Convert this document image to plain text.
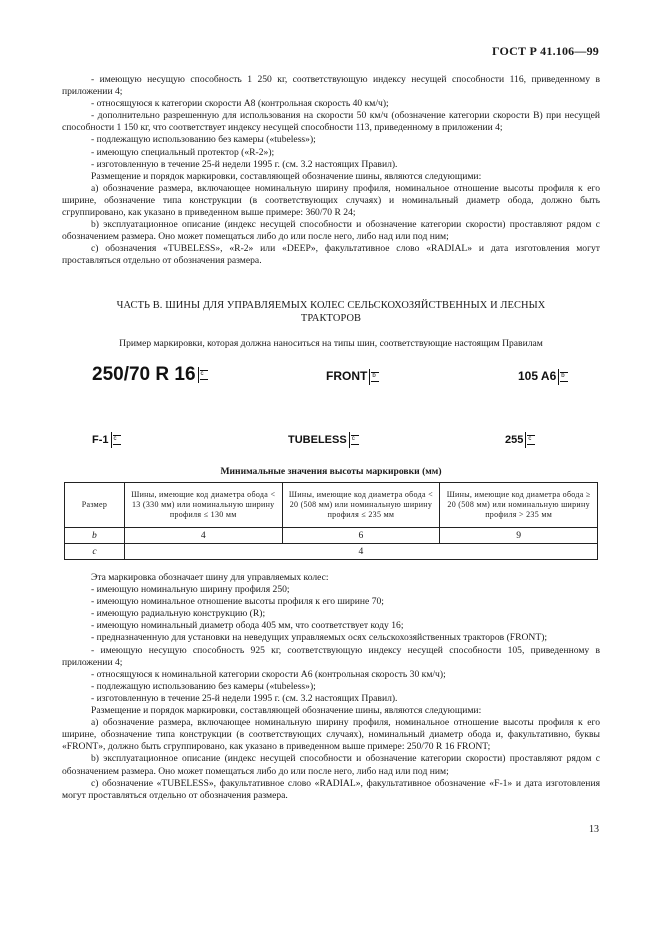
ГОСТ Р 41.106—99

- имеющую несущую способность 1 250 кг, соответствующую индексу несущей способности 116, приведенному в приложении 4;

- относящуюся к категории скорости А8 (контрольная скорость 40 км/ч);

- дополнительно разрешенную для использования на скорости 50 км/ч (обозначение категории скорости В) при несущей способности 1 150 кг, что соответствует индексу несущей способности 113, приведенному в приложении 4;

- подлежащую использованию без камеры («tubeless»);

- имеющую специальный протектор («R-2»);

- изготовленную в течение 25-й недели 1995 г. (см. 3.2 настоящих Правил).

Размещение и порядок маркировки, составляющей обозначение шины, являются следующими:

а) обозначение размера, включающее номинальную ширину профиля, номинальное отношение высоты профиля к его ширине, обозначение типа конструкции (в соответствующих случаях) и номинальный диаметр обода, должно быть сгруппировано, как указано в приведенном выше примере: 360/70 R 24;

b) эксплуатационное описание (индекс несущей способности и обозначение категории скорости) проставляют рядом с обозначением размера. Оно может помещаться либо до или после него, либо над или под ним;

с) обозначения «TUBELESS», «R-2» или «DEEP», факультативное слово «RADIAL» и дата изготовления могут проставляться отдельно от обозначения размера.

ЧАСТЬ В. ШИНЫ ДЛЯ УПРАВЛЯЕМЫХ КОЛЕС СЕЛЬСКОХОЗЯЙСТВЕННЫХ И ЛЕСНЫХ
ТРАКТОРОВ
Пример маркировки, которая должна наноситься на типы шин, соответствующие настоящим Правилам
250/70 R 16 c	FRONT b	105 A6 b
F-1 c	TUBELESS c	255 c
Минимальные значения высоты маркировки (мм)
Размер	Шины, имеющие код диаметра обода < 13 (330 мм) или номинальную ширину профиля ≤ 130 мм	Шины, имеющие код диаметра обода < 20 (508 мм) или номинальную ширину профиля ≤ 235 мм	Шины, имеющие код диаметра обода ≥ 20 (508 мм) или номинальную ширину профиля > 235 мм
b	4	6	9
c	4		

Эта маркировка обозначает шину для управляемых колес:

- имеющую номинальную ширину профиля 250;

- имеющую номинальное отношение высоты профиля к его ширине 70;

- имеющую радиальную конструкцию (R);

- имеющую номинальный диаметр обода 405 мм, что соответствует коду 16;

- предназначенную для установки на неведущих управляемых осях сельскохозяйственных тракторов (FRONT);

- имеющую несущую способность 925 кг, соответствующую индексу несущей способности 105, приведенному в приложении 4;

- относящуюся к номинальной категории скорости А6 (контрольная скорость 30 км/ч);

- подлежащую использованию без камеры («tubeless»);

- изготовленную в течение 25-й недели 1995 г. (см. 3.2 настоящих Правил).

Размещение и порядок маркировки, составляющей обозначение шины, являются следующими:

а) обозначение размера, включающее номинальную ширину профиля, номинальное отношение высоты профиля к его ширине, обозначение типа конструкции (в соответствующих случаях), номинальный диаметр обода и, факультативно, буквы «FRONT», должно быть сгруппировано, как указано в приведенном выше примере: 250/70 R 16 FRONT;

b) эксплуатационное описание (индекс несущей способности и обозначение категории скорости) проставляют рядом с обозначением размера. Оно может помещаться либо до или после него, либо над или под ним;

с) обозначение «TUBELESS», факультативное слово «RADIAL», факультативное обозначение «F-1» и дата изготовления могут проставляться отдельно от обозначения размера.

13
